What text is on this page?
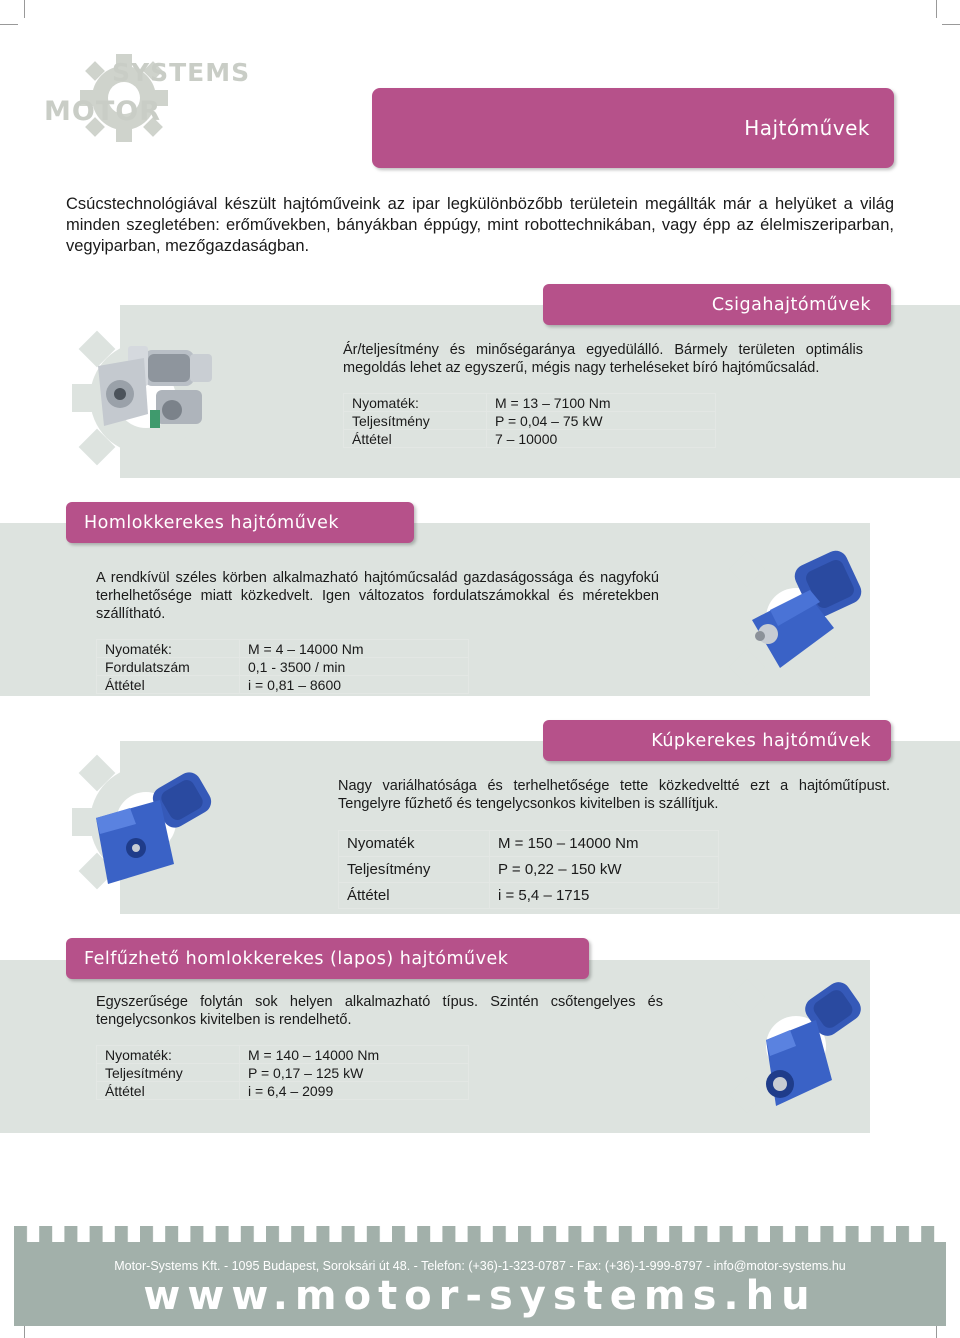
SYSTEMS
MOTOR
Hajtóművek
Csúcstechnológiával készült hajtóműveink az ipar legkülönbözőbb területein megállták már a helyüket a világ minden szegletében: erőművekben, bányákban éppúgy, mint robottechnikában, vagy épp az élelmiszeriparban, vegyiparban, mezőgazdaságban.
Csigahajtóművek
Ár/teljesítmény és minőségaránya egyedülálló. Bármely területen optimális megoldás lehet az egyszerű, mégis nagy terheléseket bíró hajtóműcsalád.
Nyomaték:	M = 13 – 7100 Nm
Teljesítmény	P = 0,04 – 75 kW
Áttétel	7 – 10000
Homlokkerekes hajtóművek
A rendkívül széles körben alkalmazható hajtóműcsalád gazdaságossága és nagyfokú terhelhetősége miatt közkedvelt. Igen változatos fordulatszámokkal és méretekben szállítható.
Nyomaték:	M = 4 – 14000 Nm
Fordulatszám	0,1 - 3500 / min
Áttétel	i = 0,81 – 8600
Kúpkerekes hajtóművek
Nagy variálhatósága és terhelhetősége tette közkedveltté ezt a hajtóműtípust. Tengelyre fűzhető és tengelycsonkos kivitelben is szállítjuk.
Nyomaték	M = 150 – 14000 Nm
Teljesítmény	P = 0,22 – 150 kW
Áttétel	i = 5,4 – 1715
Felfűzhető homlokkerekes (lapos) hajtóművek
Egyszerűsége folytán sok helyen alkalmazható típus. Szintén csőtengelyes és tengelycsonkos kivitelben is rendelhető.
Nyomaték:	M = 140 – 14000 Nm
Teljesítmény	P = 0,17 – 125 kW
Áttétel	i = 6,4 – 2099
Motor-Systems Kft. - 1095 Budapest, Soroksári út 48. - Telefon: (+36)-1-323-0787 - Fax: (+36)-1-999-8797 - info@motor-systems.hu
www.motor-systems.hu
